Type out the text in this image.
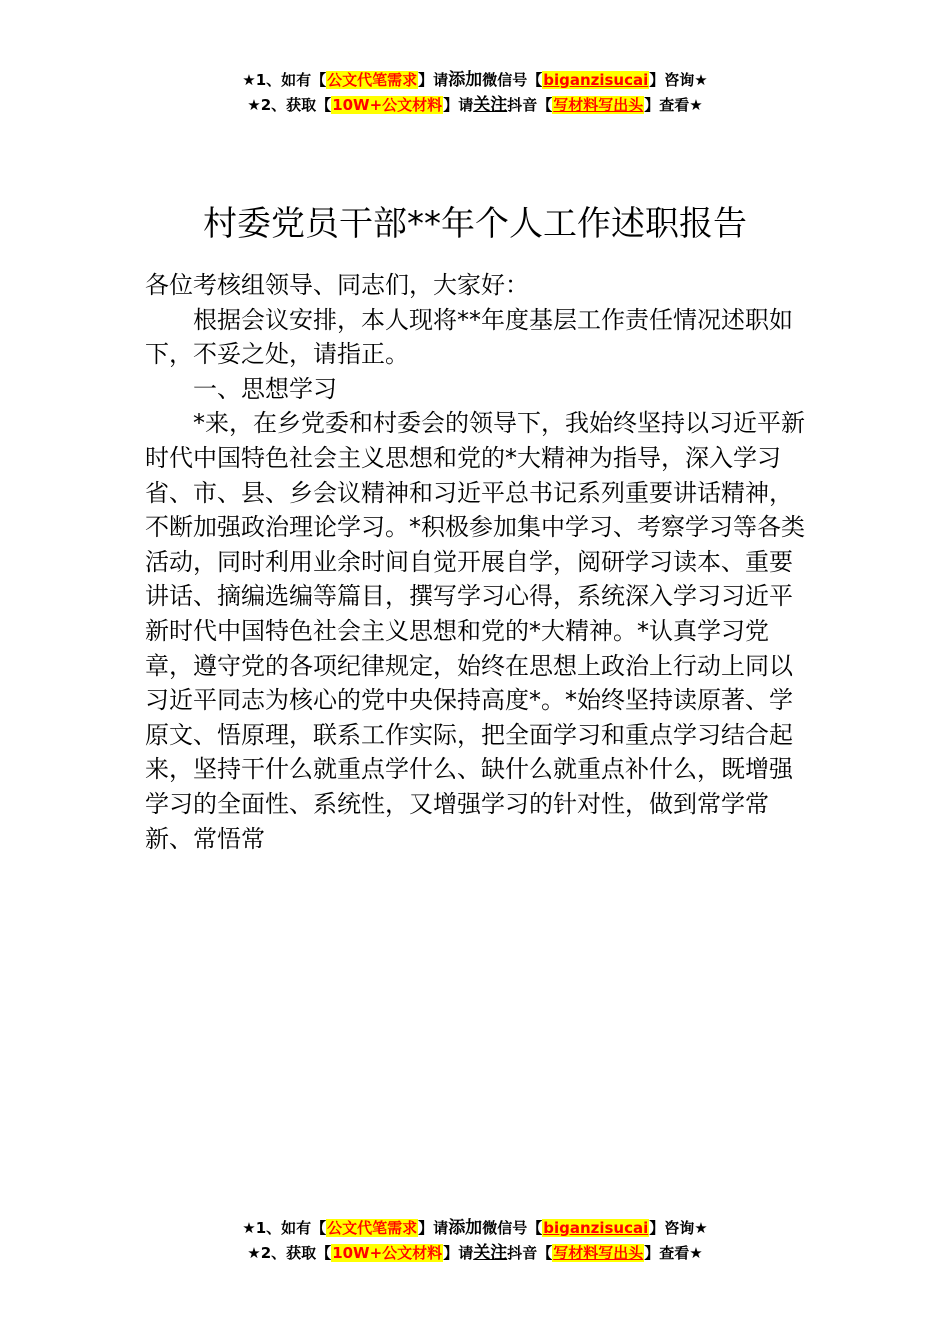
★1、如有【公文代笔需求】请添加微信号【biganzisucai】咨询★
★2、获取【10W+公文材料】请关注抖音【写材料写出头】查看★
村委党员干部**年个人工作述职报告

各位考核组领导、同志们，大家好：

根据会议安排，本人现将**年度基层工作责任情况述职如下，不妥之处，请指正。

一、思想学习

*来，在乡党委和村委会的领导下，我始终坚持以习近平新时代中国特色社会主义思想和党的*大精神为指导，深入学习省、市、县、乡会议精神和习近平总书记系列重要讲话精神，不断加强政治理论学习。*积极参加集中学习、考察学习等各类活动，同时利用业余时间自觉开展自学，阅研学习读本、重要讲话、摘编选编等篇目，撰写学习心得，系统深入学习习近平新时代中国特色社会主义思想和党的*大精神。*认真学习党章，遵守党的各项纪律规定，始终在思想上政治上行动上同以习近平同志为核心的党中央保持高度*。*始终坚持读原著、学原文、悟原理，联系工作实际，把全面学习和重点学习结合起来，坚持干什么就重点学什么、缺什么就重点补什么，既增强学习的全面性、系统性，又增强学习的针对性，做到常学常新、常悟常

★1、如有【公文代笔需求】请添加微信号【biganzisucai】咨询★
★2、获取【10W+公文材料】请关注抖音【写材料写出头】查看★
